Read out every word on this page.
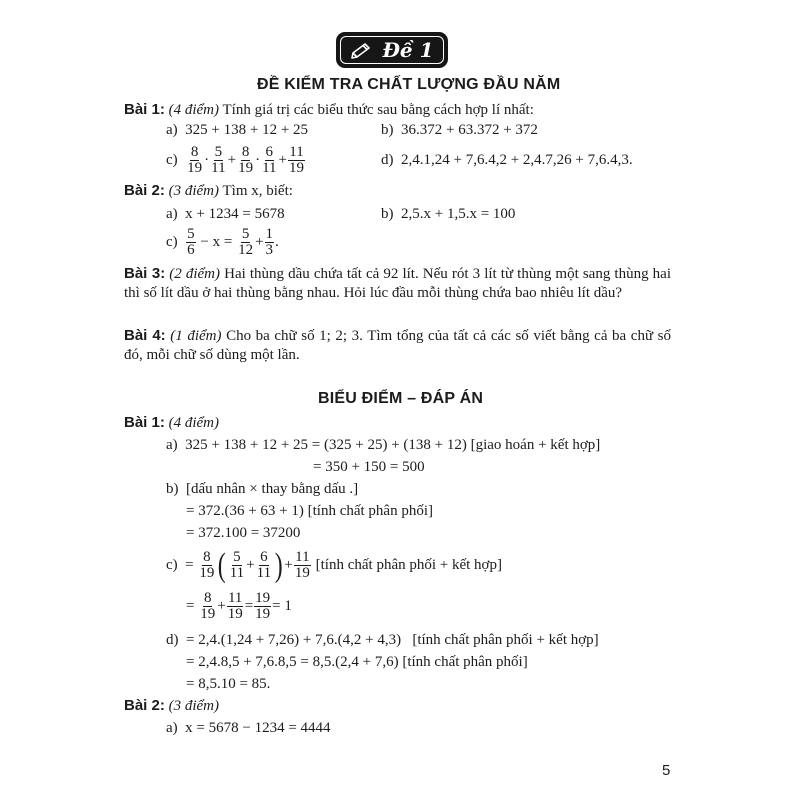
Đề 1
ĐỀ KIỂM TRA CHẤT LƯỢNG ĐẦU NĂM
Bài 1: (4 điểm) Tính giá trị các biểu thức sau bằng cách hợp lí nhất:
a) 325 + 138 + 12 + 25	b) 36.372 + 63.372 + 372
$c) \frac{8}{19} \cdot \frac{5}{11} + \frac{8}{19} \cdot \frac{6}{11} + \frac{11}{19}$	d) 2,4.1,24 + 7,6.4,2 + 2,4.7,26 + 7,6.4,3.
Bài 2: (3 điểm) Tìm x, biết:
a) x + 1234 = 5678	b) 2,5.x + 1,5.x = 100
$c) \frac{5}{6} - x = \frac{5}{12} + \frac{1}{3}$ .
Bài 3: (2 điểm) Hai thùng dầu chứa tất cả 92 lít. Nếu rót 3 lít từ thùng một sang thùng hai thì số lít dầu ở hai thùng bằng nhau. Hỏi lúc đầu mỗi thùng chứa bao nhiêu lít dầu?
Bài 4: (1 điểm) Cho ba chữ số 1; 2; 3. Tìm tổng của tất cả các số viết bằng cả ba chữ số đó, mỗi chữ số dùng một lần.
BIỂU ĐIỂM – ĐÁP ÁN
Bài 1: (4 điểm)
a) 325 + 138 + 12 + 25 = (325 + 25) + (138 + 12) [giao hoán + kết hợp]
= 350 + 150 = 500
b) [dấu nhân × thay bằng dấu .]
= 372.(36 + 63 + 1) [tính chất phân phối]
= 372.100 = 37200
$c) = \frac{8}{19}$ ( $\frac{5}{11} + \frac{6}{11}$ ) + $\frac{11}{19}$ [tính chất phân phối + kết hợp]
= $\frac{8}{19} + \frac{11}{19} = \frac{19}{19} = 1$
d) = 2,4.(1,24 + 7,26) + 7,6.(4,2 + 4,3)   [tính chất phân phối + kết hợp]
= 2,4.8,5 + 7,6.8,5 = 8,5.(2,4 + 7,6) [tính chất phân phối]
= 8,5.10 = 85.
Bài 2: (3 điểm)
a) x = 5678 − 1234 = 4444
5
